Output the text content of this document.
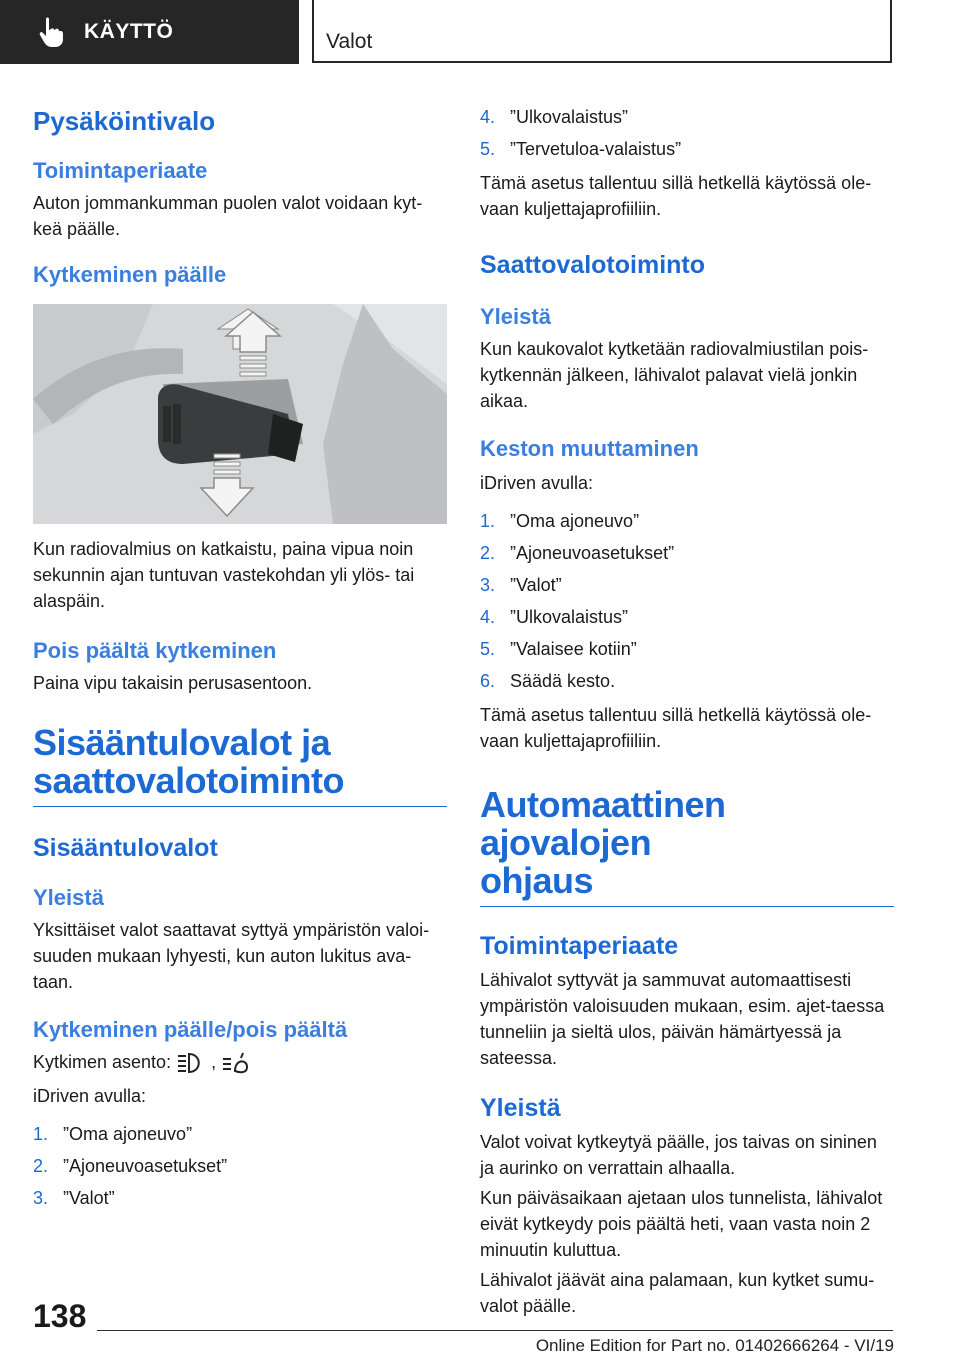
KÄYTTÖ	Valot
Pysäköintivalo
Toimintaperiaate

Auton jommankumman puolen valot voidaan kyt-keä päälle.

Kytkeminen päälle

Kun radiovalmius on katkaistu, paina vipua noin sekunnin ajan tuntuvan vastekohdan yli ylös- tai alaspäin.

Pois päältä kytkeminen

Paina vipu takaisin perusasentoon.

Sisääntulovalot ja
saattovalotoiminto
Sisääntulovalot
Yleistä

Yksittäiset valot saattavat syttyä ympäristön valoi-suuden mukaan lyhyesti, kun auton lukitus ava-taan.

Kytkeminen päälle/pois päältä

Kytkimen asento: ,

iDriven avulla:

1. ”Oma ajoneuvo”
2. ”Ajoneuvoasetukset”
3. ”Valot”
4. ”Ulkovalaistus”
5. ”Tervetuloa-valaistus”

Tämä asetus tallentuu sillä hetkellä käytössä ole-vaan kuljettajaprofiiliin.

Saattovalotoiminto
Yleistä

Kun kaukovalot kytketään radiovalmiustilan pois-kytkennän jälkeen, lähivalot palavat vielä jonkin aikaa.

Keston muuttaminen

iDriven avulla:

1. ”Oma ajoneuvo”
2. ”Ajoneuvoasetukset”
3. ”Valot”
4. ”Ulkovalaistus”
5. ”Valaisee kotiin”
6. Säädä kesto.

Tämä asetus tallentuu sillä hetkellä käytössä ole-vaan kuljettajaprofiiliin.

Automaattinen ajovalojen
ohjaus
Toimintaperiaate

Lähivalot syttyvät ja sammuvat automaattisesti ympäristön valoisuuden mukaan, esim. ajet-taessa tunneliin ja sieltä ulos, päivän hämärtyessä ja sateessa.

Yleistä

Valot voivat kytkeytyä päälle, jos taivas on sininen ja aurinko on verrattain alhaalla.

Kun päiväsaikaan ajetaan ulos tunnelista, lähivalot eivät kytkeydy pois päältä heti, vaan vasta noin 2 minuutin kuluttua.

Lähivalot jäävät aina palamaan, kun kytket sumu-valot päälle.

138
Online Edition for Part no. 01402666264 - VI/19
